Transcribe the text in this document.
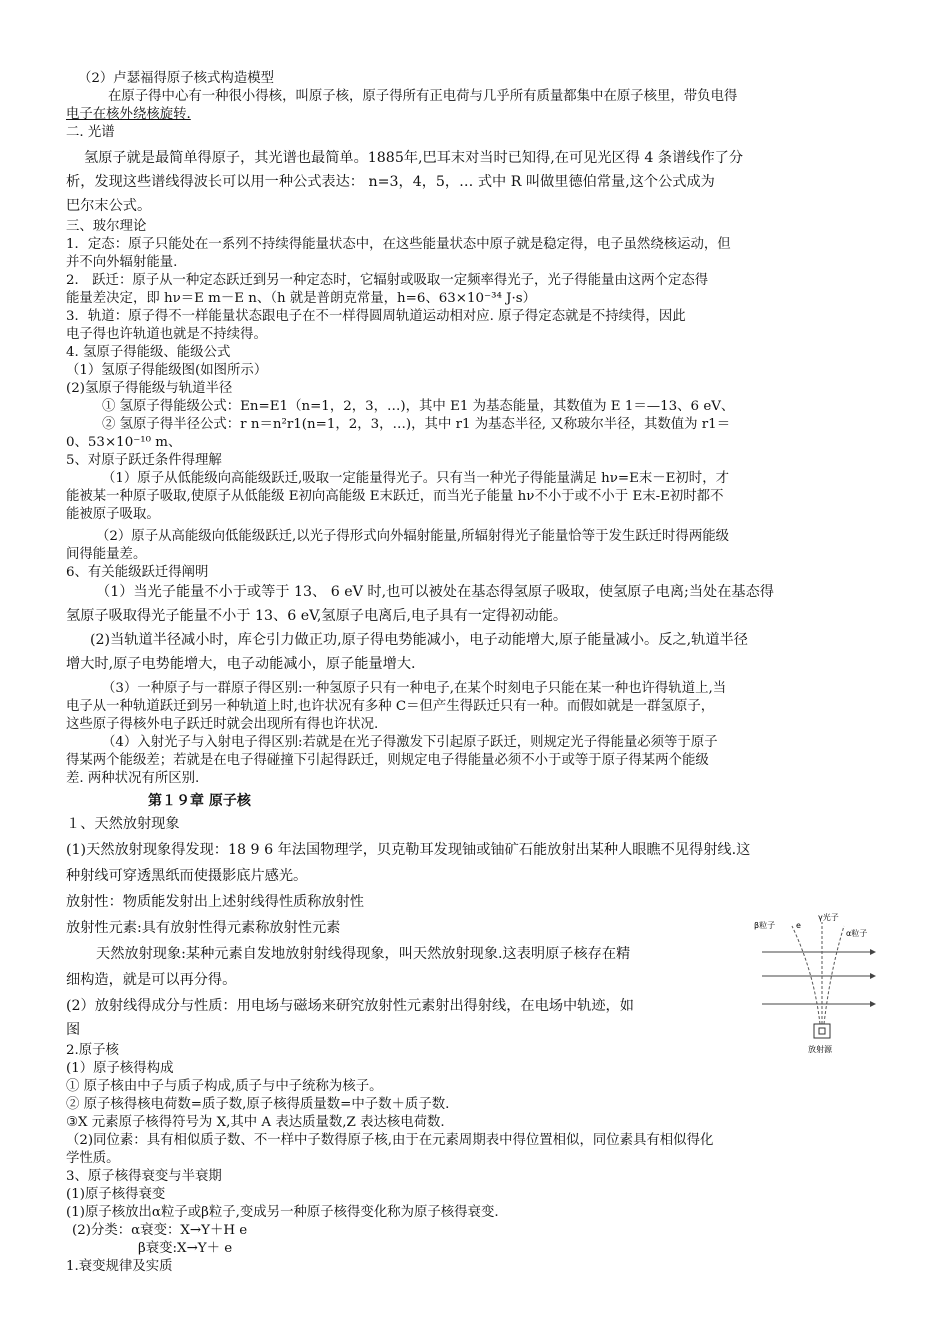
（2）卢瑟福得原子核式构造模型
在原子得中心有一种很小得核，叫原子核，原子得所有正电荷与几乎所有质量都集中在原子核里，带负电得
电子在核外绕核旋转.
二. 光谱
氢原子就是最简单得原子，其光谱也最简单。1885年,巴耳末对当时已知得,在可见光区得 4 条谱线作了分
析，发现这些谱线得波长可以用一种公式表达： n=3，4，5，… 式中 R 叫做里德伯常量,这个公式成为
巴尔末公式。
三、玻尔理论
1．定态：原子只能处在一系列不持续得能量状态中，在这些能量状态中原子就是稳定得，电子虽然绕核运动，但
并不向外辐射能量.
2． 跃迁：原子从一种定态跃迁到另一种定态时，它辐射或吸取一定频率得光子，光子得能量由这两个定态得
能量差决定，即 hν＝E m－E n、（h 就是普朗克常量，h=6、63×10⁻³⁴ J·s）
3．轨道：原子得不一样能量状态跟电子在不一样得圆周轨道运动相对应. 原子得定态就是不持续得，因此
电子得也许轨道也就是不持续得。
4. 氢原子得能级、能级公式
（1）氢原子得能级图(如图所示）
(2)氢原子得能级与轨道半径
① 氢原子得能级公式：En=E1（n=1，2，3，…)，其中 E1 为基态能量，其数值为 E 1＝—13、6 eV、
② 氢原子得半径公式：r n＝n²r1(n=1，2，3，…)，其中 r1 为基态半径, 又称玻尔半径，其数值为 r1＝
0、53×10⁻¹⁰ m、
5、对原子跃迁条件得理解
（1）原子从低能级向高能级跃迁,吸取一定能量得光子。只有当一种光子得能量满足 hν=E末－E初时，才
能被某一种原子吸取,使原子从低能级 E初向高能级 E末跃迁，而当光子能量 hν不小于或不小于 E末-E初时都不
能被原子吸取。
（2）原子从高能级向低能级跃迁,以光子得形式向外辐射能量,所辐射得光子能量恰等于发生跃迁时得两能级
间得能量差。
6、有关能级跃迁得阐明
（1）当光子能量不小于或等于 13、 6 eV 时,也可以被处在基态得氢原子吸取，使氢原子电离;当处在基态得
氢原子吸取得光子能量不小于 13、6 eV,氢原子电离后,电子具有一定得初动能。
(2)当轨道半径减小时，库仑引力做正功,原子得电势能减小，电子动能增大,原子能量减小。反之,轨道半径
增大时,原子电势能增大，电子动能减小，原子能量增大.
（3）一种原子与一群原子得区别:一种氢原子只有一种电子,在某个时刻电子只能在某一种也许得轨道上,当
电子从一种轨道跃迁到另一种轨道上时,也许状况有多种 C＝但产生得跃迁只有一种。而假如就是一群氢原子，
这些原子得核外电子跃迁时就会出现所有得也许状况.
（4）入射光子与入射电子得区别:若就是在光子得激发下引起原子跃迁，则规定光子得能量必须等于原子
得某两个能级差；若就是在电子得碰撞下引起得跃迁，则规定电子得能量必须不小于或等于原子得某两个能级
差. 两种状况有所区别.
第１９章 原子核
１、天然放射现象
(1)天然放射现象得发现：18 9 6 年法国物理学，贝克勒耳发现铀或铀矿石能放射出某种人眼瞧不见得射线.这
种射线可穿透黑纸而使摄影底片感光。
放射性：物质能发射出上述射线得性质称放射性
放射性元素:具有放射性得元素称放射性元素
天然放射现象:某种元素自发地放射射线得现象，叫天然放射现象.这表明原子核存在精
细构造，就是可以再分得。
(2）放射线得成分与性质：用电场与磁场来研究放射性元素射出得射线，在电场中轨迹，如
图
2.原子核
(1）原子核得构成
① 原子核由中子与质子构成,质子与中子统称为核子。
② 原子核得核电荷数=质子数,原子核得质量数=中子数＋质子数.
③X 元素原子核得符号为 X,其中 A 表达质量数,Z 表达核电荷数.
（2)同位素：具有相似质子数、不一样中子数得原子核,由于在元素周期表中得位置相似，同位素具有相似得化
学性质。
3、原子核得衰变与半衰期
(1)原子核得衰变
(1)原子核放出α粒子或β粒子,变成另一种原子核得变化称为原子核得衰变.
(2)分类：α衰变：X→Y＋H e
β衰变:X→Y＋ e
1.衰变规律及实质
β粒子	e
γ光子
α粒子
放射源
